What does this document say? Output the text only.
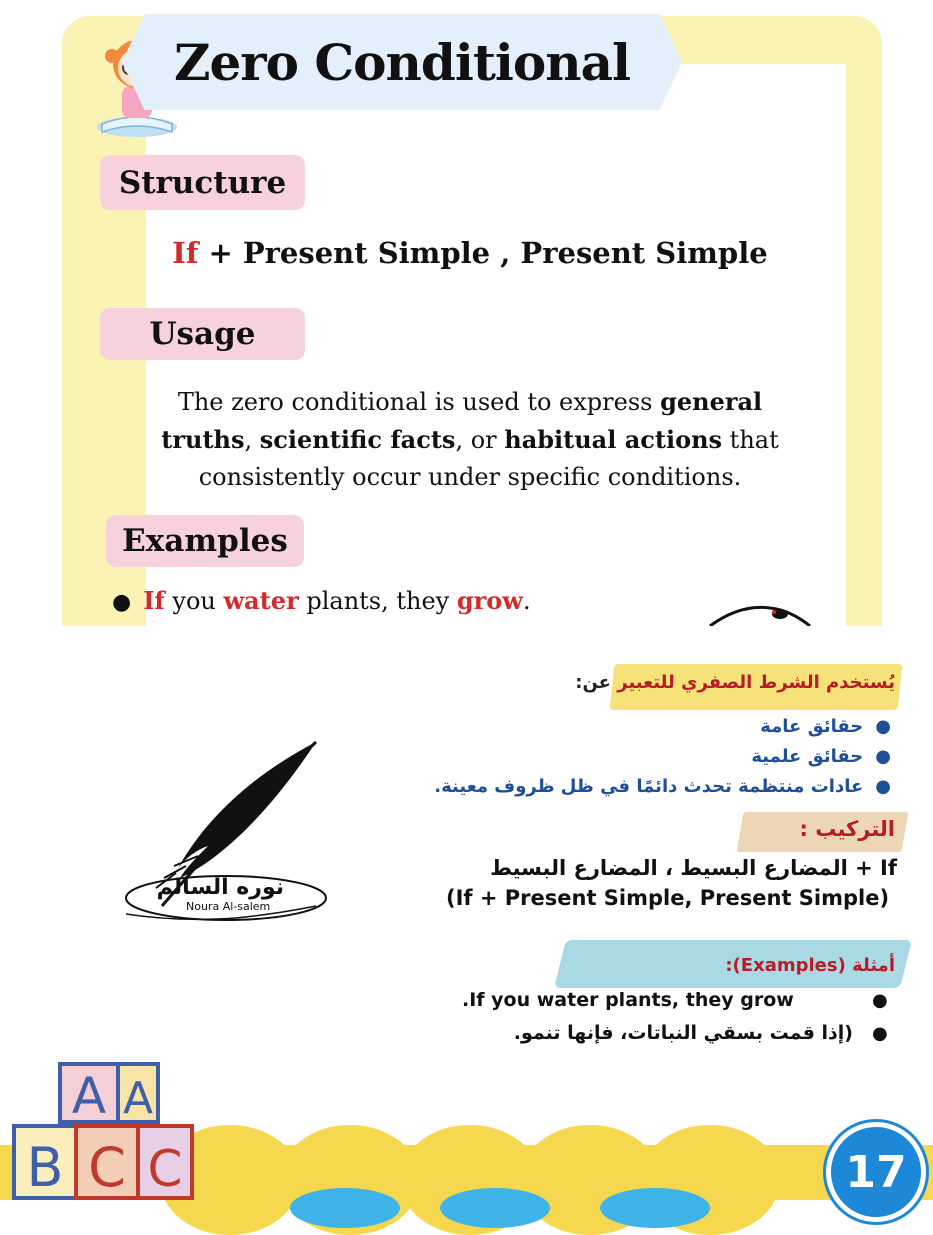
Zero Conditional
Structure
If + Present Simple , Present Simple
Usage
The zero conditional is used to express general truths, scientific facts, or habitual actions that consistently occur under specific conditions.
Examples
● If you water plants, they grow.
يُستخدم الشرط الصفري للتعبير عن:
●حقائق عامة
●حقائق علمية
●عادات منتظمة تحدث دائمًا في ظل ظروف معينة.
التركيب :
If + المضارع البسيط ، المضارع البسيط
(If + Present Simple, Present Simple)
أمثلة (Examples):
●
.If you water plants, they grow
●
(إذا قمت بسقي النباتات، فإنها تنمو.
نوره السالم
Noura Al-salem
A A
B C C	17
